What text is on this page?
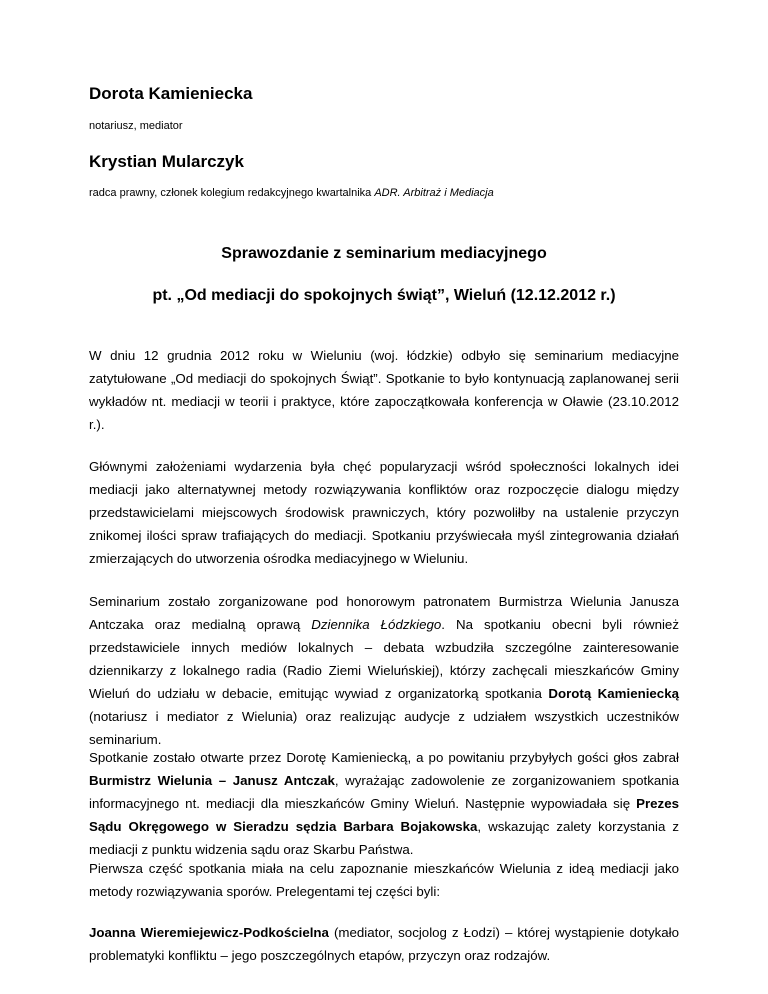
Dorota Kamieniecka
notariusz, mediator
Krystian Mularczyk
radca prawny, członek kolegium redakcyjnego kwartalnika ADR. Arbitraż i Mediacja
Sprawozdanie z seminarium mediacyjnego
pt. „Od mediacji do spokojnych świąt”, Wieluń (12.12.2012 r.)

W dniu 12 grudnia 2012 roku w Wieluniu (woj. łódzkie) odbyło się seminarium mediacyjne zatytułowane „Od mediacji do spokojnych Świąt”. Spotkanie to było kontynuacją zaplanowanej serii wykładów nt. mediacji w teorii i praktyce, które zapoczątkowała konferencja w Oławie (23.10.2012 r.).

Głównymi założeniami wydarzenia była chęć popularyzacji wśród społeczności lokalnych idei mediacji jako alternatywnej metody rozwiązywania konfliktów oraz rozpoczęcie dialogu między przedstawicielami miejscowych środowisk prawniczych, który pozwoliłby na ustalenie przyczyn znikomej ilości spraw trafiających do mediacji. Spotkaniu przyświecała myśl zintegrowania działań zmierzających do utworzenia ośrodka mediacyjnego w Wieluniu.

Seminarium zostało zorganizowane pod honorowym patronatem Burmistrza Wielunia Janusza Antczaka oraz medialną oprawą Dziennika Łódzkiego. Na spotkaniu obecni byli również przedstawiciele innych mediów lokalnych – debata wzbudziła szczególne zainteresowanie dziennikarzy z lokalnego radia (Radio Ziemi Wieluńskiej), którzy zachęcali mieszkańców Gminy Wieluń do udziału w debacie, emitując wywiad z organizatorką spotkania Dorotą Kamieniecką (notariusz i mediator z Wielunia) oraz realizując audycje z udziałem wszystkich uczestników seminarium.

Spotkanie zostało otwarte przez Dorotę Kamieniecką, a po powitaniu przybyłych gości głos zabrał Burmistrz Wielunia – Janusz Antczak, wyrażając zadowolenie ze zorganizowaniem spotkania informacyjnego nt. mediacji dla mieszkańców Gminy Wieluń. Następnie wypowiadała się Prezes Sądu Okręgowego w Sieradzu sędzia Barbara Bojakowska, wskazując zalety korzystania z mediacji z punktu widzenia sądu oraz Skarbu Państwa.

Pierwsza część spotkania miała na celu zapoznanie mieszkańców Wielunia z ideą mediacji jako metody rozwiązywania sporów. Prelegentami tej części byli:

Joanna Wieremiejewicz-Podkościelna (mediator, socjolog z Łodzi) – której wystąpienie dotykało problematyki konfliktu – jego poszczególnych etapów, przyczyn oraz rodzajów.
